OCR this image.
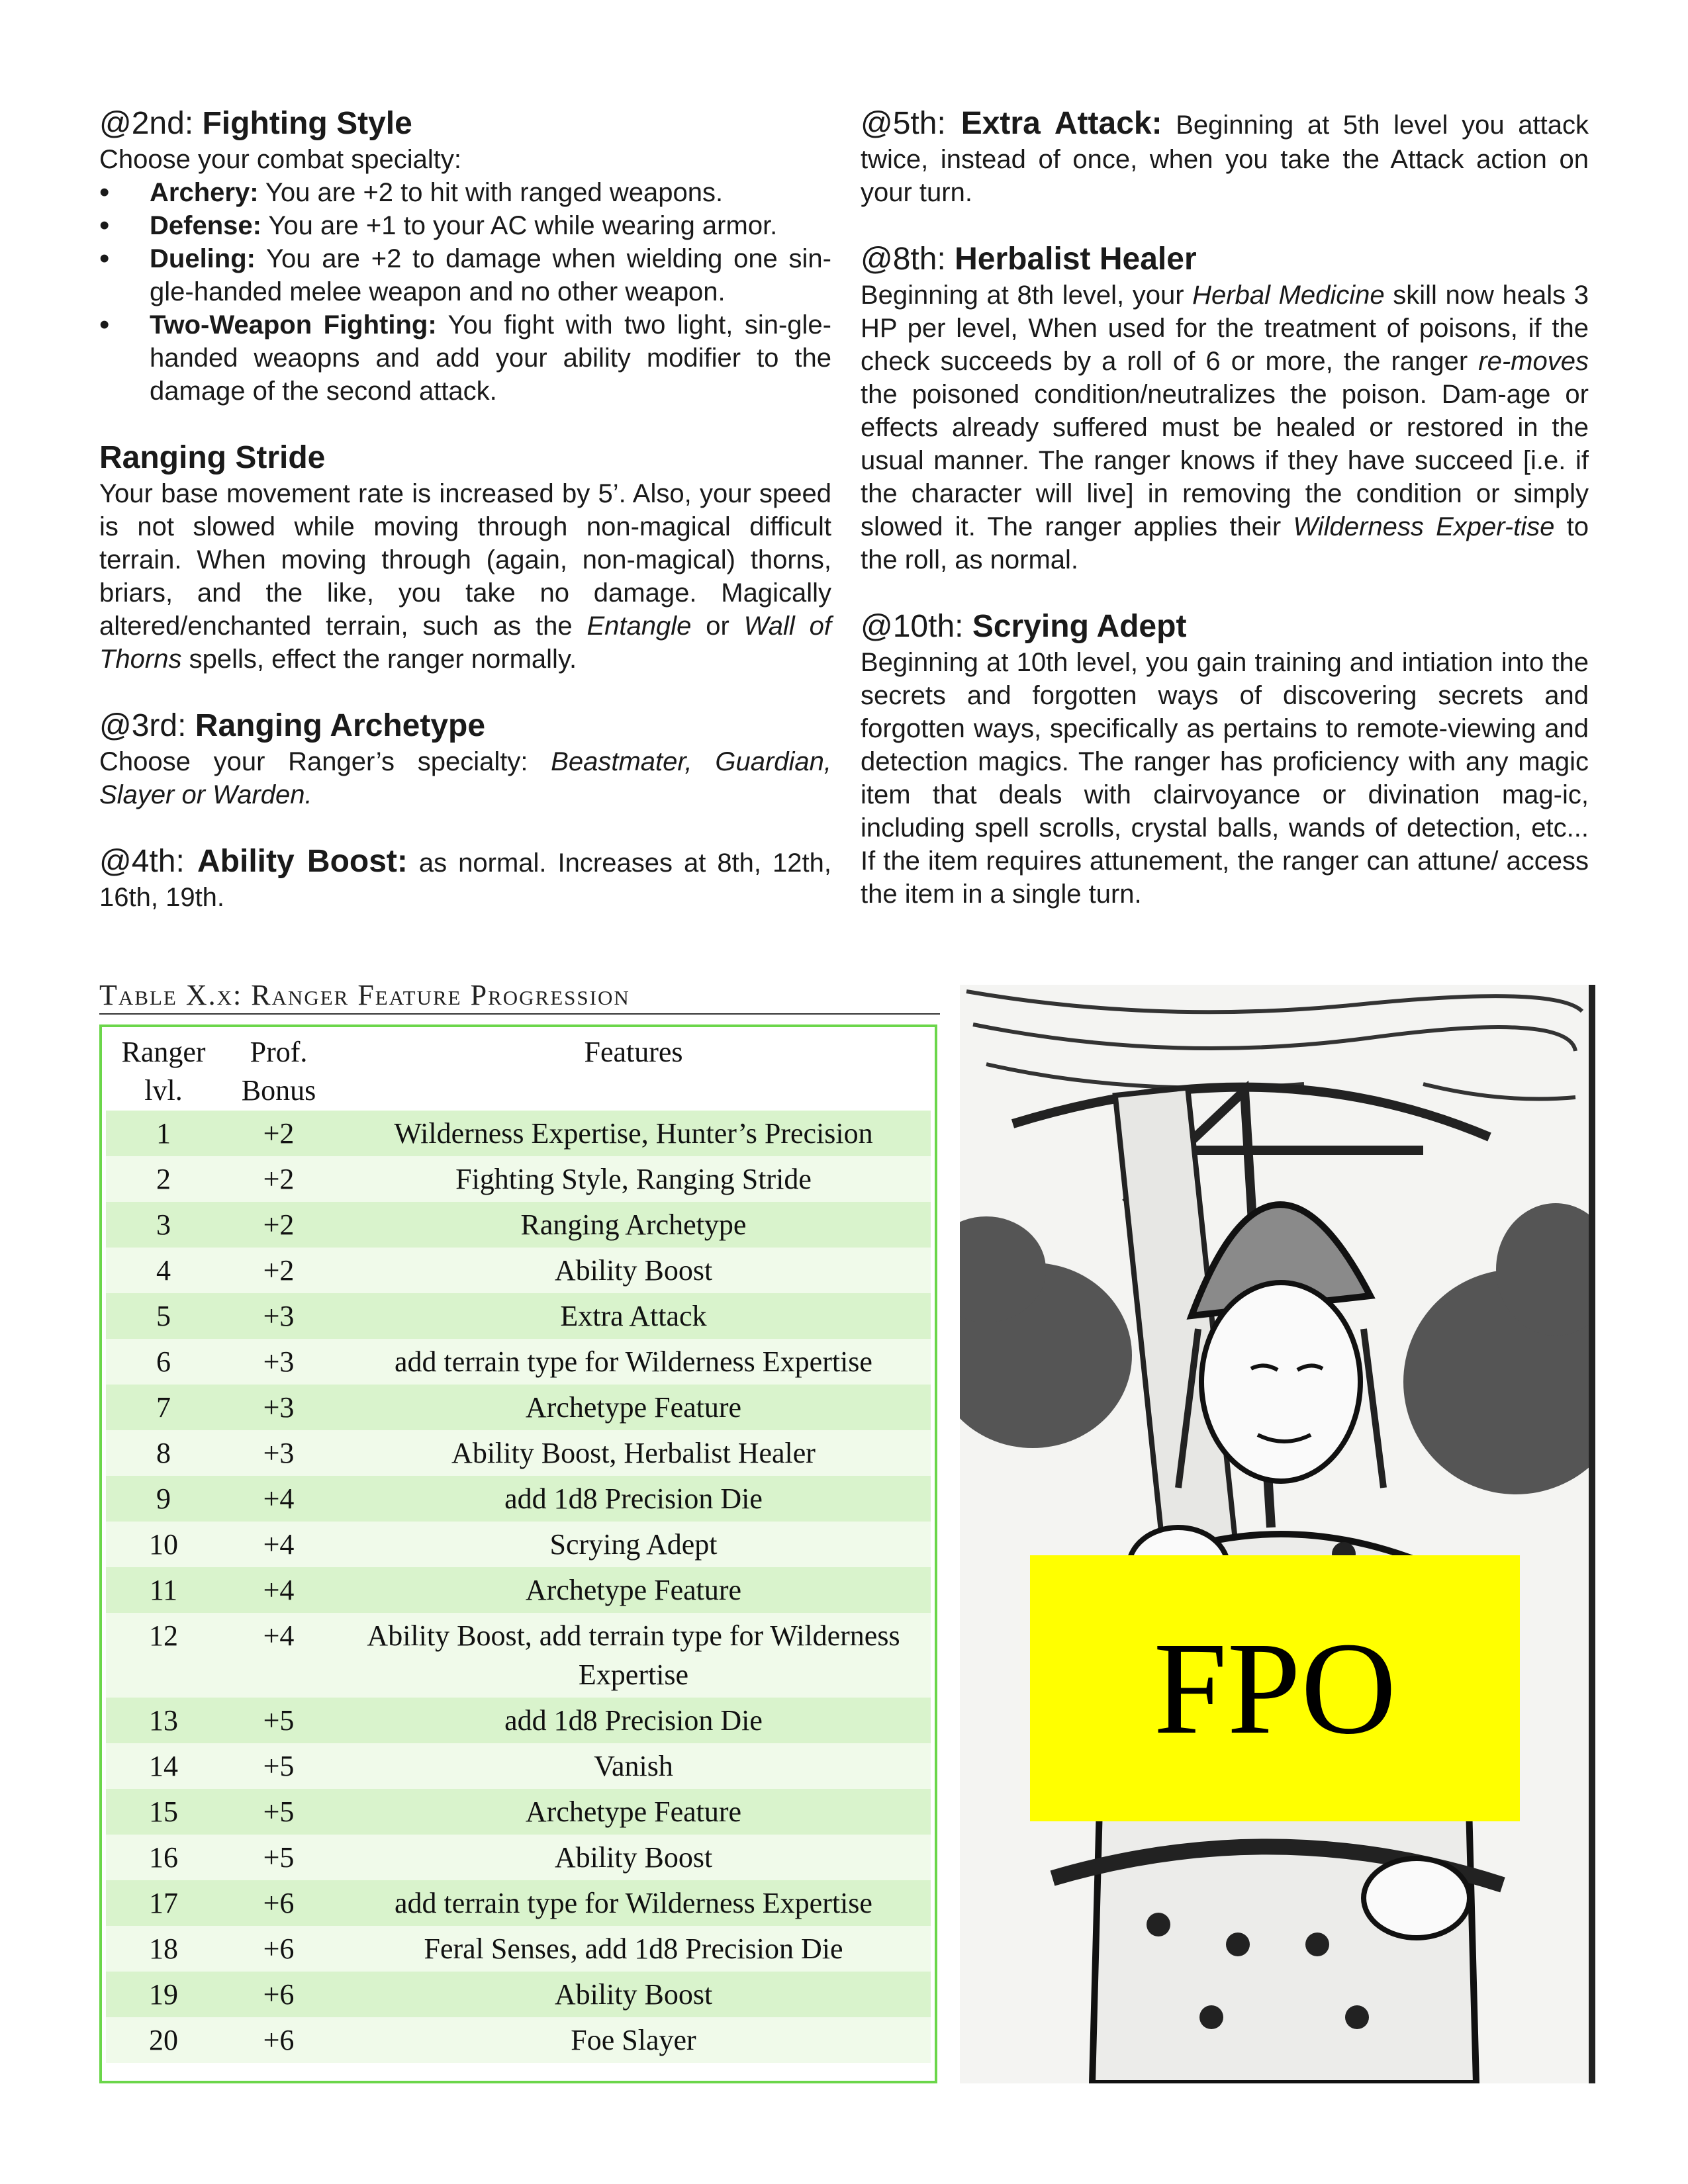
@2nd: Fighting Style

Choose your combat specialty:

• Archery: You are +2 to hit with ranged weapons.
• Defense: You are +1 to your AC while wearing armor.
• Dueling: You are +2 to damage when wielding one sin-gle-handed melee weapon and no other weapon.
• Two-Weapon Fighting: You fight with two light, sin-gle-handed weaopns and add your ability modifier to the damage of the second attack.
Ranging Stride

Your base movement rate is increased by 5’. Also, your speed is not slowed while moving through non-magical difficult terrain. When moving through (again, non-magical) thorns, briars, and the like, you take no damage. Magically altered/enchanted terrain, such as the Entangle or Wall of Thorns spells, effect the ranger normally.

@3rd: Ranging Archetype

Choose your Ranger’s specialty: Beastmater, Guardian, Slayer or Warden.

@4th: Ability Boost: as normal. Increases at 8th, 12th, 16th, 19th.

@5th: Extra Attack: Beginning at 5th level you attack twice, instead of once, when you take the Attack action on your turn.

@8th: Herbalist Healer

Beginning at 8th level, your Herbal Medicine skill now heals 3 HP per level, When used for the treatment of poisons, if the check succeeds by a roll of 6 or more, the ranger re-moves the poisoned condition/neutralizes the poison. Dam-age or effects already suffered must be healed or restored in the usual manner. The ranger knows if they have succeed [i.e. if the character will live] in removing the condition or simply slowed it. The ranger applies their Wilderness Exper-tise to the roll, as normal.

@10th: Scrying Adept

Beginning at 10th level, you gain training and intiation into the secrets and forgotten ways of discovering secrets and forgotten ways, specifically as pertains to remote-viewing and detection magics. The ranger has proficiency with any magic item that deals with clairvoyance or divination mag-ic, including spell scrolls, crystal balls, wands of detection, etc... If the item requires attunement, the ranger can attune/ access the item in a single turn.

Table X.x: Ranger Feature Progression
Ranger lvl.	Prof. Bonus	Features
1	+2	Wilderness Expertise, Hunter’s Precision
2	+2	Fighting Style, Ranging Stride
3	+2	Ranging Archetype
4	+2	Ability Boost
5	+3	Extra Attack
6	+3	add terrain type for Wilderness Expertise
7	+3	Archetype Feature
8	+3	Ability Boost, Herbalist Healer
9	+4	add 1d8 Precision Die
10	+4	Scrying Adept
11	+4	Archetype Feature
12	+4	Ability Boost, add terrain type for Wilderness Expertise
13	+5	add 1d8 Precision Die
14	+5	Vanish
15	+5	Archetype Feature
16	+5	Ability Boost
17	+6	add terrain type for Wilderness Expertise
18	+6	Feral Senses, add 1d8 Precision Die
19	+6	Ability Boost
20	+6	Foe Slayer
FPO
